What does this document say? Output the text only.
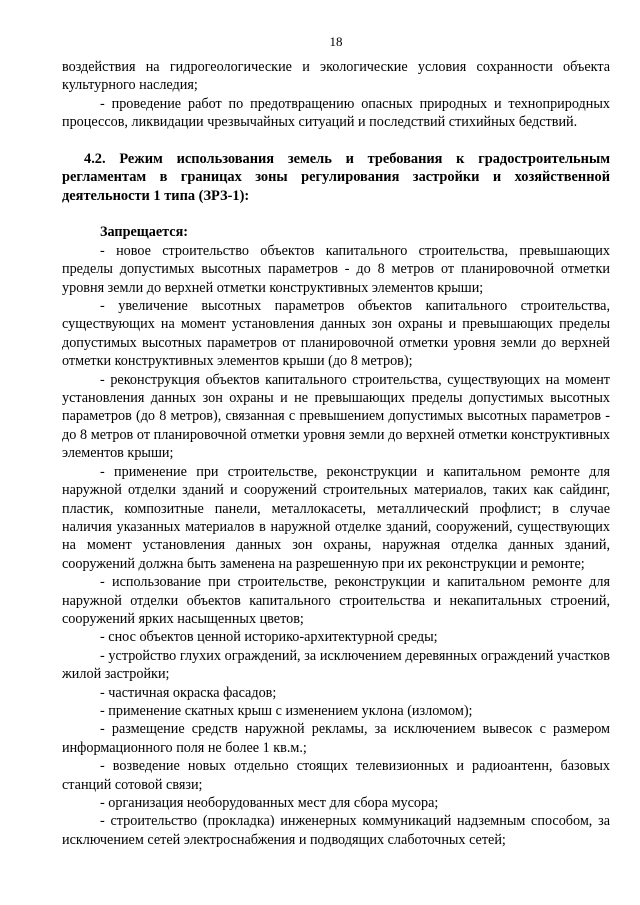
18

воздействия на гидрогеологические и экологические условия сохранности объекта культурного наследия;

- проведение работ по предотвращению опасных природных и технoприродных процессов, ликвидации чрезвычайных ситуаций и последствий стихийных бедствий.

4.2. Режим использования земель и требования к градостроительным регламентам в границах зоны регулирования застройки и хозяйственной деятельности 1 типа (ЗРЗ-1):

Запрещается:

- новое строительство объектов капитального строительства, превышающих пределы допустимых высотных параметров - до 8 метров от планировочной отметки уровня земли до верхней отметки конструктивных элементов крыши;
- увеличение высотных параметров объектов капитального строительства, существующих на момент установления данных зон охраны и превышающих пределы допустимых высотных параметров от планировочной отметки уровня земли до верхней отметки конструктивных элементов крыши (до 8 метров);
- реконструкция объектов капитального строительства, существующих на момент установления данных зон охраны и не превышающих пределы допустимых высотных параметров (до 8 метров), связанная с превышением допустимых высотных параметров - до 8 метров от планировочной отметки уровня земли до верхней отметки конструктивных элементов крыши;
- применение при строительстве, реконструкции и капитальном ремонте для наружной отделки зданий и сооружений строительных материалов, таких как сайдинг, пластик, композитные панели, металлокасеты, металлический профлист; в случае наличия указанных материалов в наружной отделке зданий, сооружений, существующих на момент установления данных зон охраны, наружная отделка данных зданий, сооружений должна быть заменена на разрешенную при их реконструкции и ремонте;
- использование при строительстве, реконструкции и капитальном ремонте для наружной отделки объектов капитального строительства и некапитальных строений, сооружений ярких насыщенных цветов;
- снос объектов ценной историко-архитектурной среды;
- устройство глухих ограждений, за исключением деревянных ограждений участков жилой застройки;
- частичная окраска фасадов;
- применение скатных крыш с изменением уклона (изломом);
- размещение средств наружной рекламы, за исключением вывесок с размером информационного поля не более 1 кв.м.;
- возведение новых отдельно стоящих телевизионных и радиоантенн, базовых станций сотовой связи;
- организация необорудованных мест для сбора мусора;
- строительство (прокладка) инженерных коммуникаций надземным способом, за исключением сетей электроснабжения и подводящих слаботочных сетей;
